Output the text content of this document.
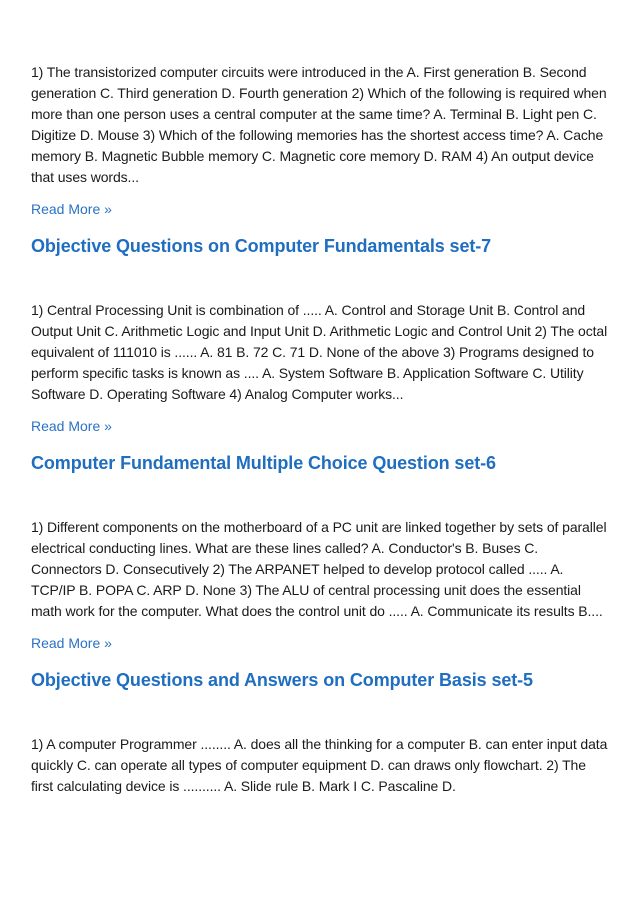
1) The transistorized computer circuits were introduced in the A. First generation B. Second generation C. Third generation D. Fourth generation 2) Which of the following is required when more than one person uses a central computer at the same time? A. Terminal B. Light pen C. Digitize D. Mouse 3) Which of the following memories has the shortest access time? A. Cache memory B. Magnetic Bubble memory C. Magnetic core memory D. RAM 4) An output device that uses words...

Read More »
Objective Questions on Computer Fundamentals set-7

1) Central Processing Unit is combination of ..... A. Control and Storage Unit B. Control and Output Unit C. Arithmetic Logic and Input Unit D. Arithmetic Logic and Control Unit 2) The octal equivalent of 111010 is ...... A. 81 B. 72 C. 71 D. None of the above 3) Programs designed to perform specific tasks is known as .... A. System Software B. Application Software C. Utility Software D. Operating Software 4) Analog Computer works...

Read More »
Computer Fundamental Multiple Choice Question set-6

1) Different components on the motherboard of a PC unit are linked together by sets of parallel electrical conducting lines. What are these lines called? A. Conductor's B. Buses C. Connectors D. Consecutively 2) The ARPANET helped to develop protocol called ..... A. TCP/IP B. POPA C. ARP D. None 3) The ALU of central processing unit does the essential math work for the computer. What does the control unit do ..... A. Communicate its results B....

Read More »
Objective Questions and Answers on Computer Basis set-5

1) A computer Programmer ........ A. does all the thinking for a computer B. can enter input data quickly C. can operate all types of computer equipment D. can draws only flowchart. 2) The first calculating device is .......... A. Slide rule B. Mark I C. Pascaline D.
